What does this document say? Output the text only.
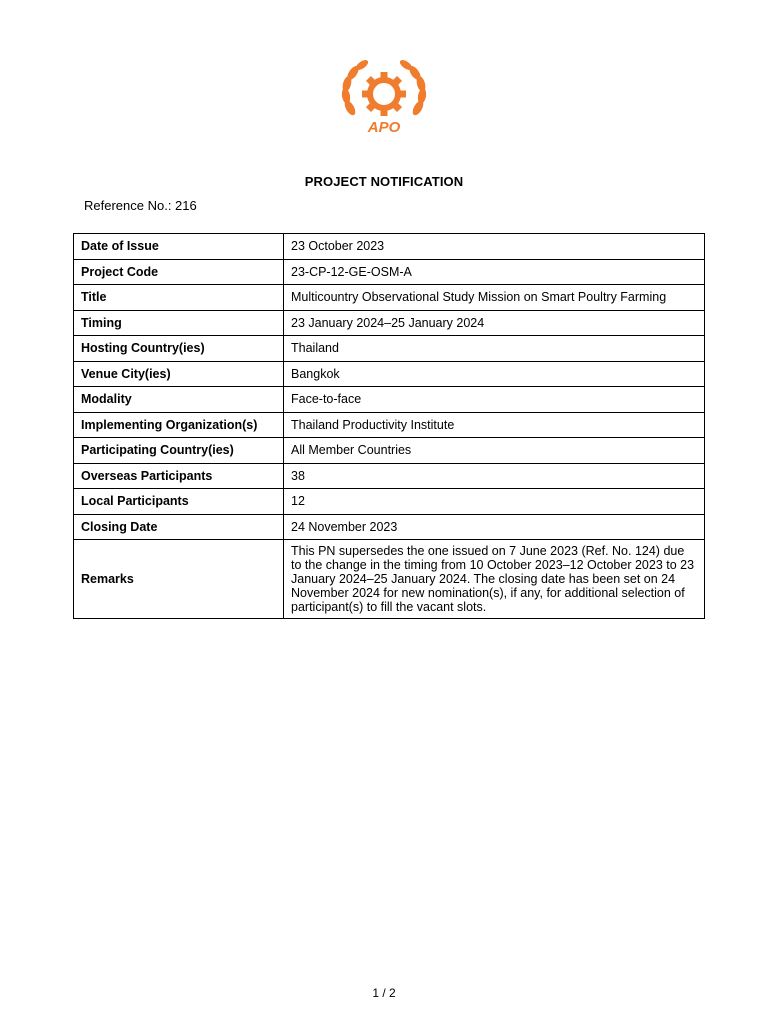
APO
PROJECT NOTIFICATION
Reference No.: 216
Date of Issue	23 October 2023
Project Code	23-CP-12-GE-OSM-A
Title	Multicountry Observational Study Mission on Smart Poultry Farming
Timing	23 January 2024–25 January 2024
Hosting Country(ies)	Thailand
Venue City(ies)	Bangkok
Modality	Face-to-face
Implementing Organization(s)	Thailand Productivity Institute
Participating Country(ies)	All Member Countries
Overseas Participants	38
Local Participants	12
Closing Date	24 November 2023
Remarks	This PN supersedes the one issued on 7 June 2023 (Ref. No. 124) due to the change in the timing from 10 October 2023–12 October 2023 to 23 January 2024–25 January 2024. The closing date has been set on 24 November 2024 for new nomination(s), if any, for additional selection of participant(s) to fill the vacant slots.
1 / 2
